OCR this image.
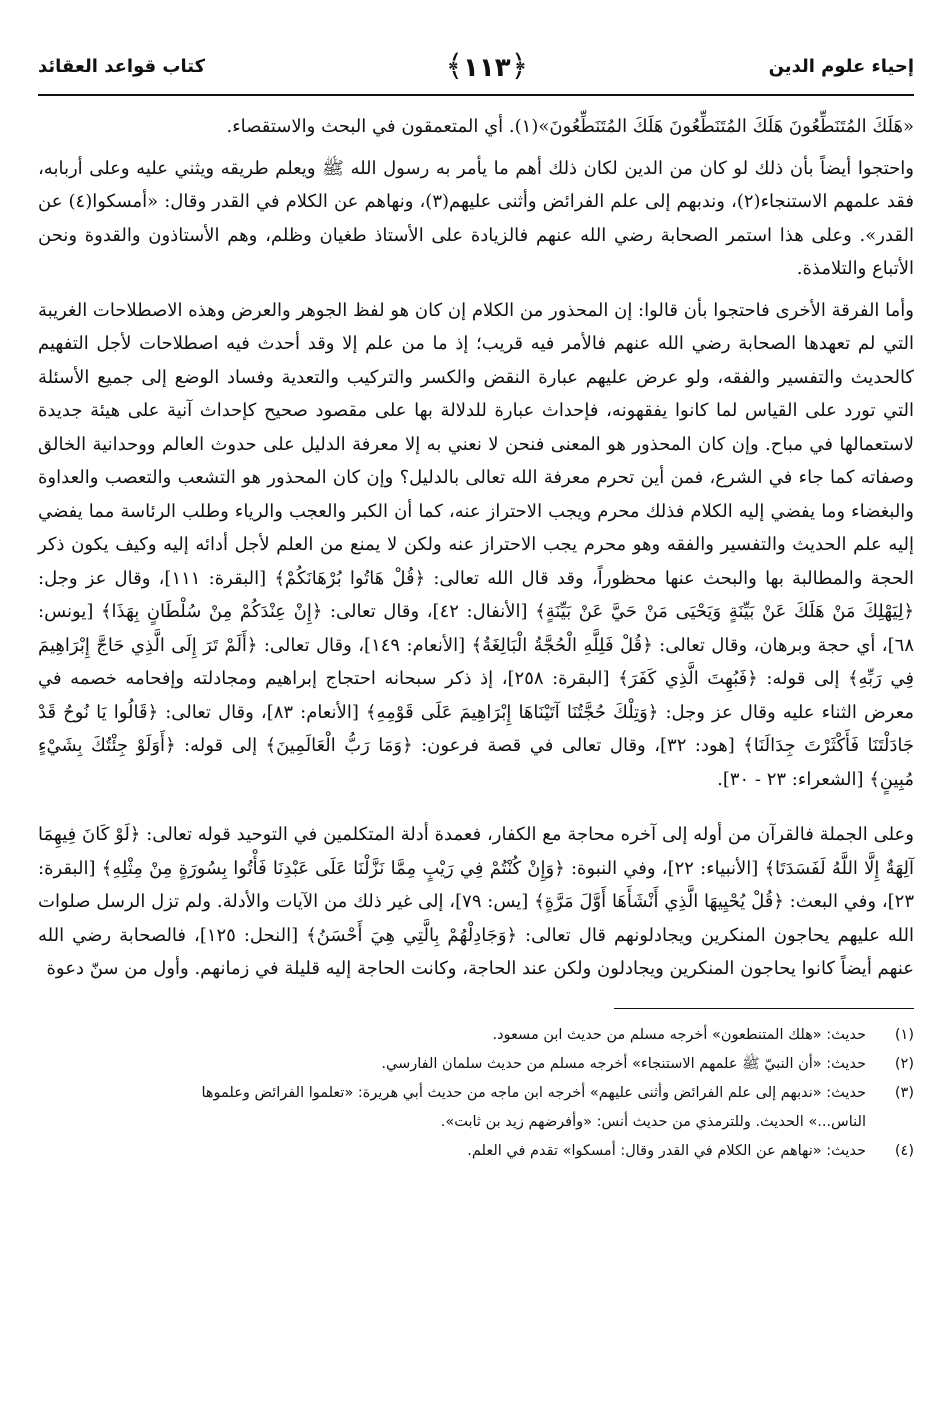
إحياء علوم الدين
﴿١١٣﴾
كتاب قواعد العقائد

«هَلَكَ المُتَنَطِّعُونَ هَلَكَ المُتَنَطِّعُونَ هَلَكَ المُتَنَطِّعُونَ»(١). أي المتعمقون في البحث والاستقصاء.

واحتجوا أيضاً بأن ذلك لو كان من الدين لكان ذلك أهم ما يأمر به رسول الله ﷺ ويعلم طريقه ويثني عليه وعلى أربابه، فقد علمهم الاستنجاء(٢)، وندبهم إلى علم الفرائض وأثنى عليهم(٣)، ونهاهم عن الكلام في القدر وقال: «أمسكوا(٤) عن القدر». وعلى هذا استمر الصحابة رضي الله عنهم فالزيادة على الأستاذ طغيان وظلم، وهم الأستاذون والقدوة ونحن الأتباع والتلامذة.

وأما الفرقة الأخرى فاحتجوا بأن قالوا: إن المحذور من الكلام إن كان هو لفظ الجوهر والعرض وهذه الاصطلاحات الغريبة التي لم تعهدها الصحابة رضي الله عنهم فالأمر فيه قريب؛ إذ ما من علم إلا وقد أحدث فيه اصطلاحات لأجل التفهيم كالحديث والتفسير والفقه، ولو عرض عليهم عبارة النقض والكسر والتركيب والتعدية وفساد الوضع إلى جميع الأسئلة التي تورد على القياس لما كانوا يفقهونه، فإحداث عبارة للدلالة بها على مقصود صحيح كإحداث آنية على هيئة جديدة لاستعمالها في مباح. وإن كان المحذور هو المعنى فنحن لا نعني به إلا معرفة الدليل على حدوث العالم ووحدانية الخالق وصفاته كما جاء في الشرع، فمن أين تحرم معرفة الله تعالى بالدليل؟ وإن كان المحذور هو التشعب والتعصب والعداوة والبغضاء وما يفضي إليه الكلام فذلك محرم ويجب الاحتراز عنه، كما أن الكبر والعجب والرياء وطلب الرئاسة مما يفضي إليه علم الحديث والتفسير والفقه وهو محرم يجب الاحتراز عنه ولكن لا يمنع من العلم لأجل أدائه إليه وكيف يكون ذكر الحجة والمطالبة بها والبحث عنها محظوراً، وقد قال الله تعالى: ﴿قُلْ هَاتُوا بُرْهَانَكُمْ﴾ [البقرة: ١١١]، وقال عز وجل: ﴿لِيَهْلِكَ مَنْ هَلَكَ عَنْ بَيِّنَةٍ وَيَحْيَى مَنْ حَيَّ عَنْ بَيِّنَةٍ﴾ [الأنفال: ٤٢]، وقال تعالى: ﴿إِنْ عِنْدَكُمْ مِنْ سُلْطَانٍ بِهَذَا﴾ [يونس: ٦٨]، أي حجة وبرهان، وقال تعالى: ﴿قُلْ فَلِلَّهِ الْحُجَّةُ الْبَالِغَةُ﴾ [الأنعام: ١٤٩]، وقال تعالى: ﴿أَلَمْ تَرَ إِلَى الَّذِي حَاجَّ إِبْرَاهِيمَ فِي رَبِّهِ﴾ إلى قوله: ﴿فَبُهِتَ الَّذِي كَفَرَ﴾ [البقرة: ٢٥٨]، إذ ذكر سبحانه احتجاج إبراهيم ومجادلته وإفحامه خصمه في معرض الثناء عليه وقال عز وجل: ﴿وَتِلْكَ حُجَّتُنَا آتَيْنَاهَا إِبْرَاهِيمَ عَلَى قَوْمِهِ﴾ [الأنعام: ٨٣]، وقال تعالى: ﴿قَالُوا يَا نُوحُ قَدْ جَادَلْتَنَا فَأَكْثَرْتَ جِدَالَنَا﴾ [هود: ٣٢]، وقال تعالى في قصة فرعون: ﴿وَمَا رَبُّ الْعَالَمِينَ﴾ إلى قوله: ﴿أَوَلَوْ جِئْتُكَ بِشَيْءٍ مُبِينٍ﴾ [الشعراء: ٢٣ - ٣٠].

وعلى الجملة فالقرآن من أوله إلى آخره محاجة مع الكفار، فعمدة أدلة المتكلمين في التوحيد قوله تعالى: ﴿لَوْ كَانَ فِيهِمَا آلِهَةٌ إِلَّا اللَّهُ لَفَسَدَتَا﴾ [الأنبياء: ٢٢]، وفي النبوة: ﴿وَإِنْ كُنْتُمْ فِي رَيْبٍ مِمَّا نَزَّلْنَا عَلَى عَبْدِنَا فَأْتُوا بِسُورَةٍ مِنْ مِثْلِهِ﴾ [البقرة: ٢٣]، وفي البعث: ﴿قُلْ يُحْيِيهَا الَّذِي أَنْشَأَهَا أَوَّلَ مَرَّةٍ﴾ [يس: ٧٩]، إلى غير ذلك من الآيات والأدلة. ولم تزل الرسل صلوات الله عليهم يحاجون المنكرين ويجادلونهم قال تعالى: ﴿وَجَادِلْهُمْ بِالَّتِي هِيَ أَحْسَنُ﴾ [النحل: ١٢٥]، فالصحابة رضي الله عنهم أيضاً كانوا يحاجون المنكرين ويجادلون ولكن عند الحاجة، وكانت الحاجة إليه قليلة في زمانهم. وأول من سنّ دعوة

(١)
حديث: «هلك المتنطعون» أخرجه مسلم من حديث ابن مسعود.
(٢)
حديث: «أن النبيّ ﷺ علمهم الاستنجاء» أخرجه مسلم من حديث سلمان الفارسي.
(٣)
حديث: «ندبهم إلى علم الفرائض وأثنى عليهم» أخرجه ابن ماجه من حديث أبي هريرة: «تعلموا الفرائض وعلموها
الناس...» الحديث. وللترمذي من حديث أنس: «وأفرضهم زيد بن ثابت».
(٤)
حديث: «نهاهم عن الكلام في القدر وقال: أمسكوا» تقدم في العلم.
